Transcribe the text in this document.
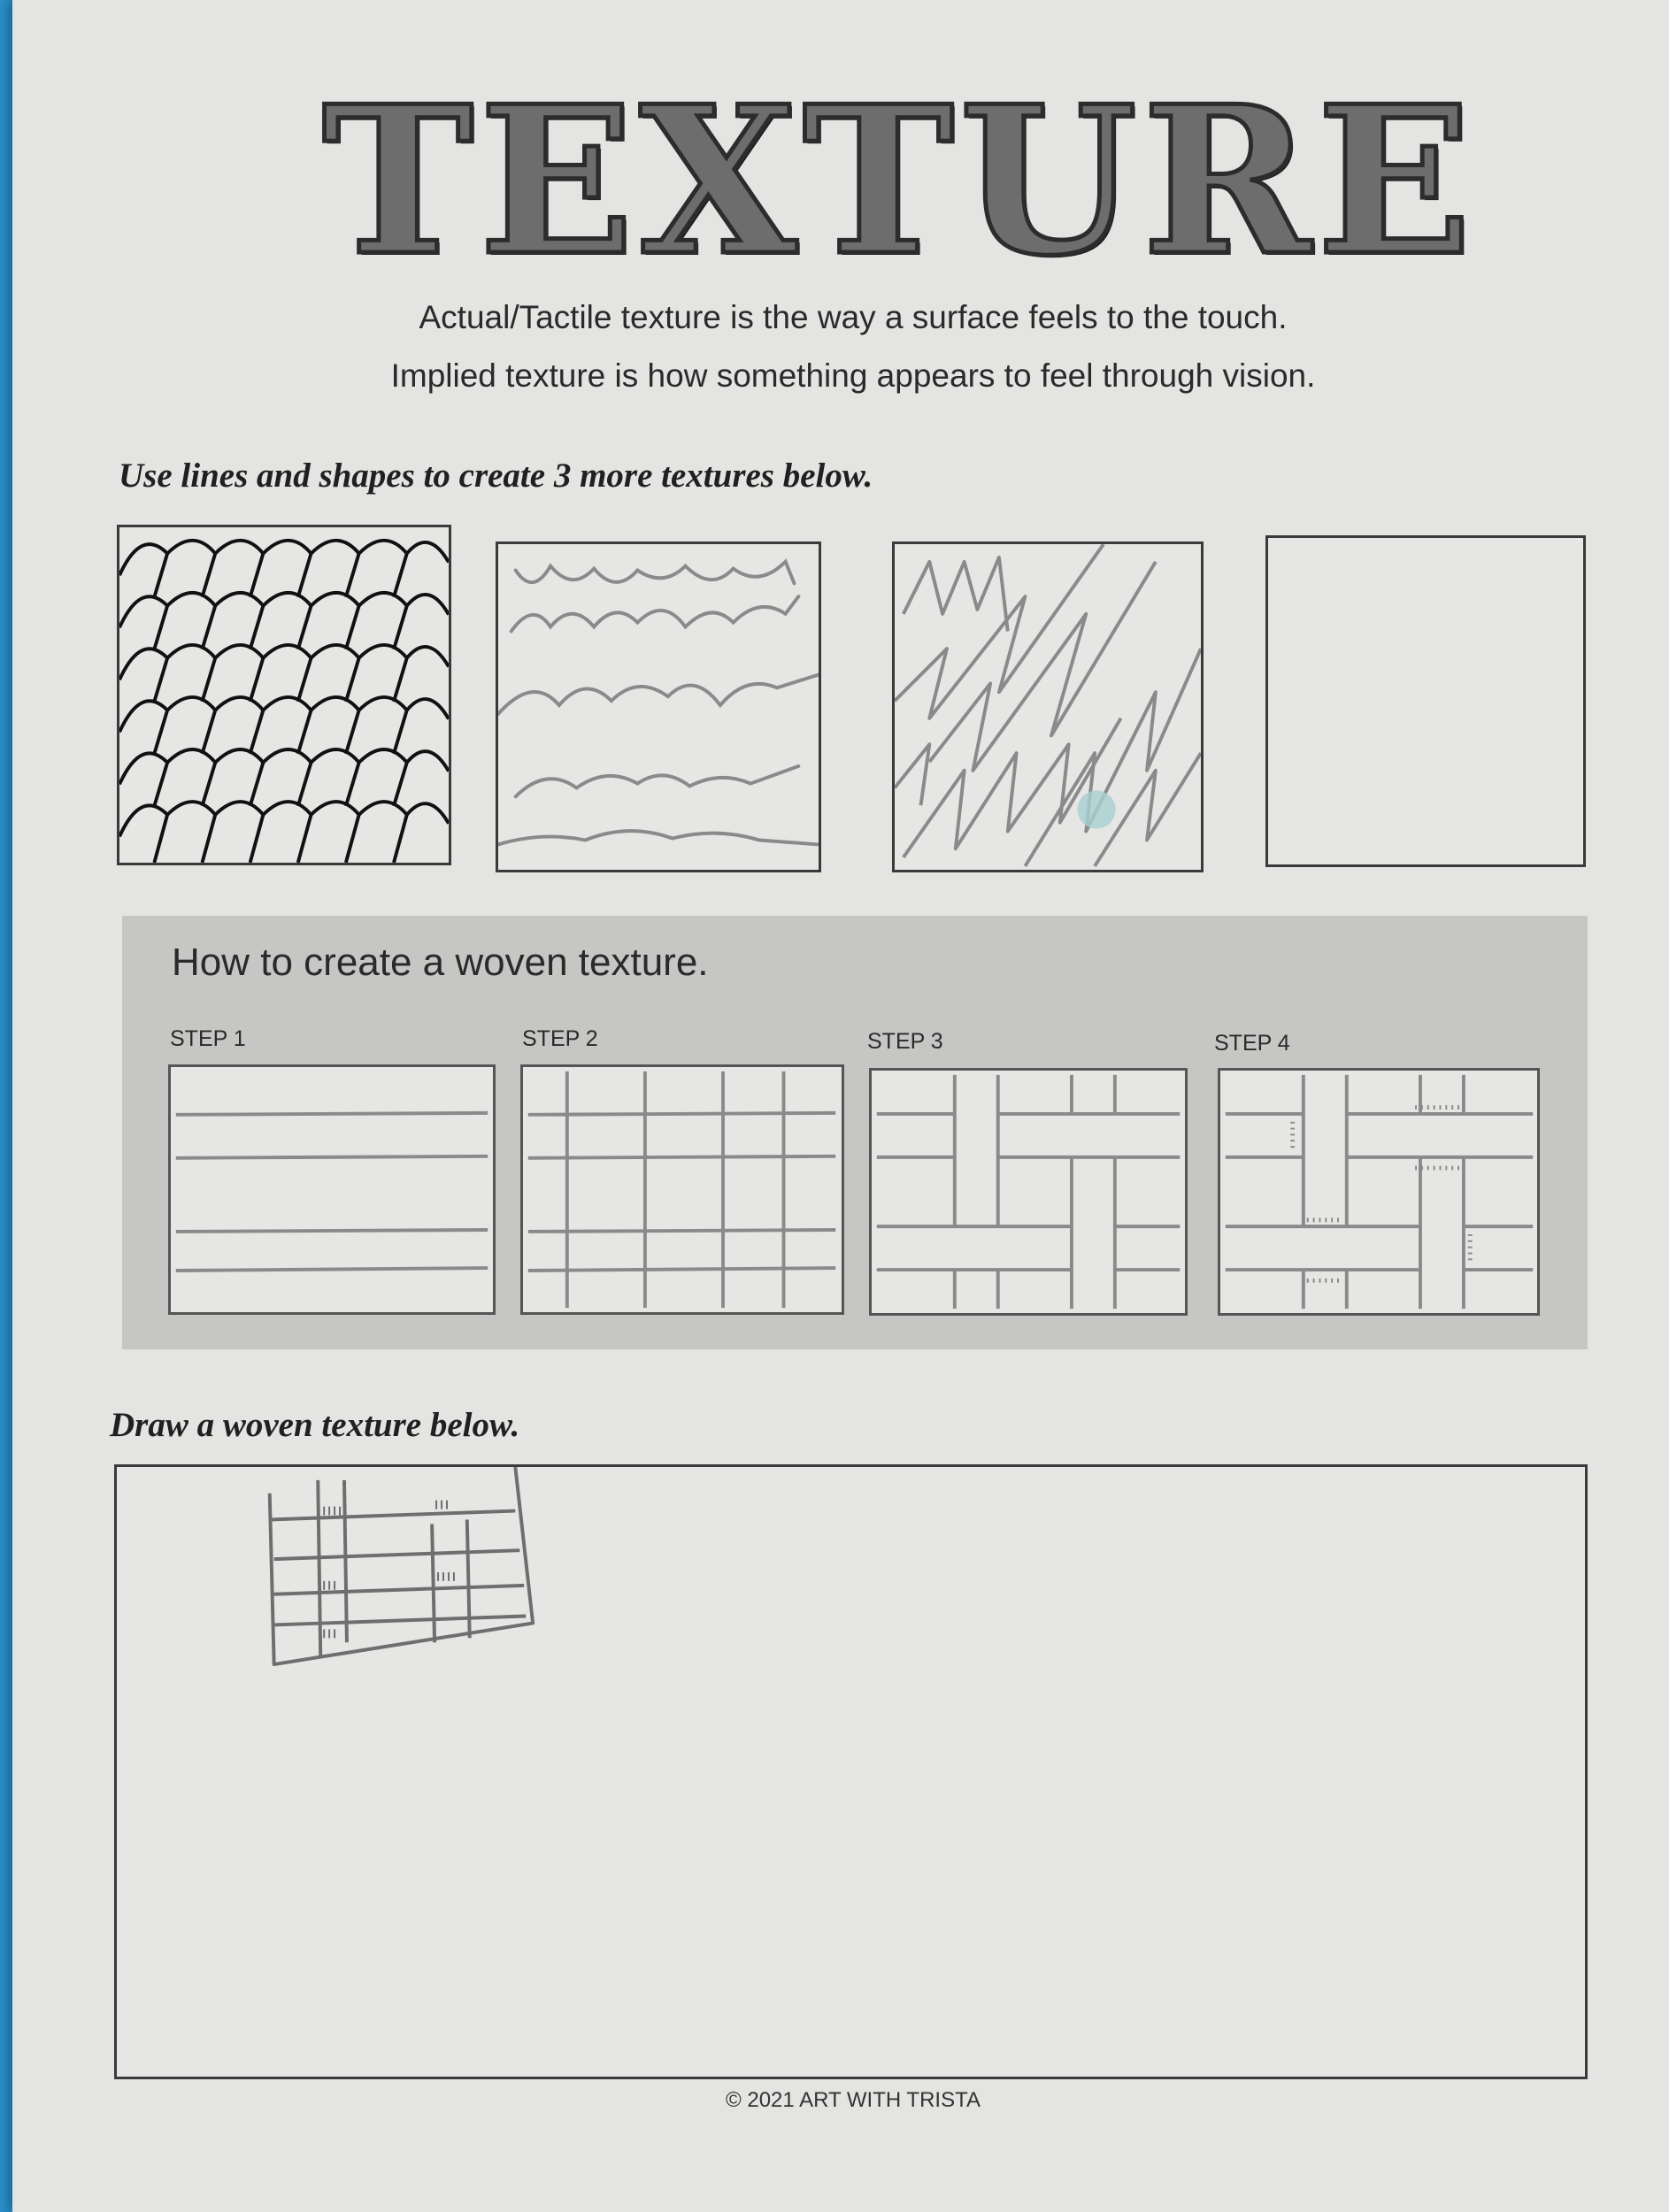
TEXTURE
Actual/Tactile texture is the way a surface feels to the touch.
Implied texture is how something appears to feel through vision.
Use lines and shapes to create 3 more textures below.
How to create a woven texture.
STEP 1	STEP 2	STEP 3	STEP 4
Draw a woven texture below.
© 2021 ART WITH TRISTA
